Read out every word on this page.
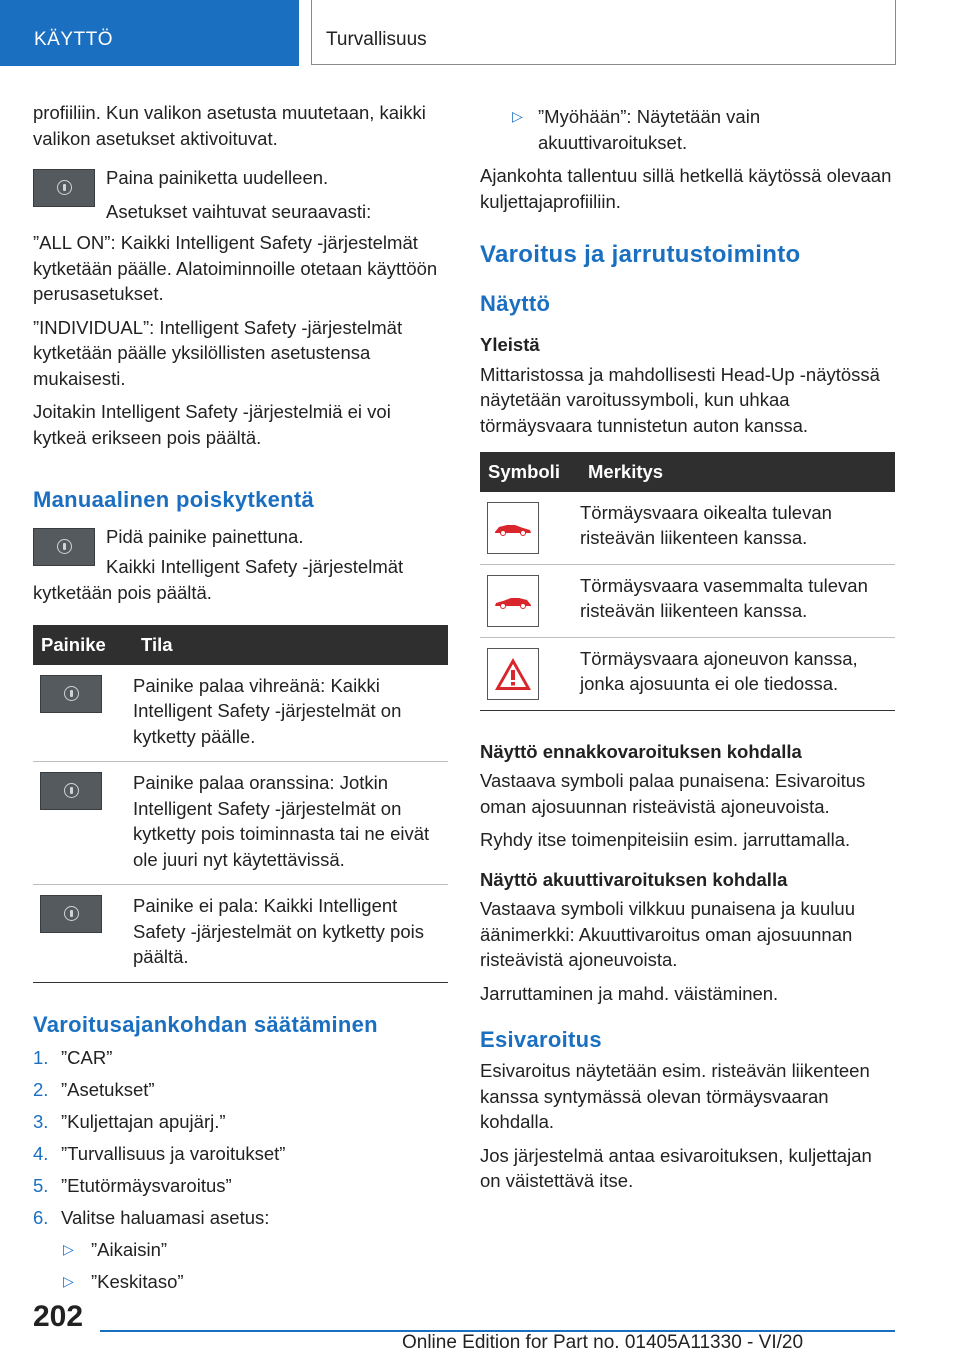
KÄYTTÖ	Turvallisuus

profiiliin. Kun valikon asetusta muutetaan, kaikki valikon asetukset aktivoituvat.

Paina painiketta uudelleen.

Asetukset vaihtuvat seuraavasti:

”ALL ON”: Kaikki Intelligent Safety -järjestelmät kytketään päälle. Alatoiminnoille otetaan käyttöön perusasetukset.

”INDIVIDUAL”: Intelligent Safety -järjestelmät kytketään päälle yksilöllisten asetustensa mukaisesti.

Joitakin Intelligent Safety -järjestelmiä ei voi kytkeä erikseen pois päältä.

Manuaalinen poiskytkentä

Pidä painike painettuna.

Kaikki Intelligent Safety -järjestelmät kytketään pois päältä.

Painike	Tila
	Painike palaa vihreänä: Kaikki Intelligent Safety -järjestelmät on kytketty päälle.
	Painike palaa oranssina: Jotkin Intelligent Safety -järjestelmät on kytketty pois toiminnasta tai ne eivät ole juuri nyt käytettävissä.
	Painike ei pala: Kaikki Intelligent Safety -järjestelmät on kytketty pois päältä.
Varoitusajankohdan säätäminen
1. ”CAR”
2. ”Asetukset”
3. ”Kuljettajan apujärj.”
4. ”Turvallisuus ja varoitukset”
5. ”Etutörmäysvaroitus”
6. Valitse haluamasi asetus:
▷ ”Aikaisin”
▷ ”Keskitaso”

▷ ”Myöhään”: Näytetään vain akuuttivaroitukset.

Ajankohta tallentuu sillä hetkellä käytössä olevaan kuljettajaprofiiliin.

Varoitus ja jarrutustoiminto
Näyttö
Yleistä

Mittaristossa ja mahdollisesti Head-Up -näytössä näytetään varoitussymboli, kun uhkaa törmäysvaara tunnistetun auton kanssa.

Symboli	Merkitys

	Törmäysvaara oikealta tulevan risteävän liikenteen kanssa.

	Törmäysvaara vasemmalta tulevan risteävän liikenteen kanssa.

	Törmäysvaara ajoneuvon kanssa, jonka ajosuunta ei ole tiedossa.
Näyttö ennakkovaroituksen kohdalla

Vastaava symboli palaa punaisena: Esivaroitus oman ajosuunnan risteävistä ajoneuvoista.

Ryhdy itse toimenpiteisiin esim. jarruttamalla.

Näyttö akuuttivaroituksen kohdalla

Vastaava symboli vilkkuu punaisena ja kuuluu äänimerkki: Akuuttivaroitus oman ajosuunnan risteävistä ajoneuvoista.

Jarruttaminen ja mahd. väistäminen.

Esivaroitus

Esivaroitus näytetään esim. risteävän liikenteen kanssa syntymässä olevan törmäysvaaran kohdalla.

Jos järjestelmä antaa esivaroituksen, kuljettajan on väistettävä itse.

202
Online Edition for Part no. 01405A11330 - VI/20
